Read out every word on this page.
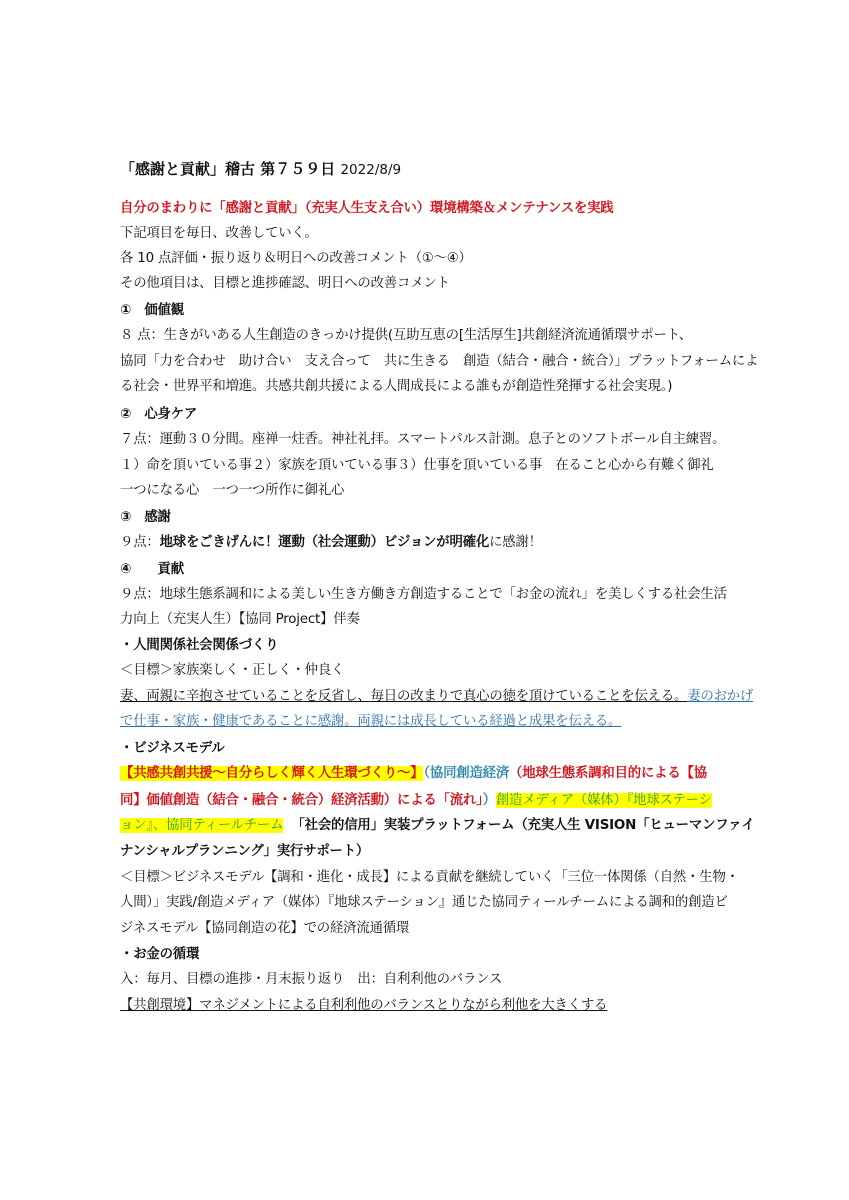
「感謝と貢献」稽古 第７５９日 2022/8/9
自分のまわりに「感謝と貢献」（充実人生支え合い）環境構築＆メンテナンスを実践
下記項目を毎日、改善していく。
各 10 点評価・振り返り＆明日への改善コメント（①～④）
その他項目は、目標と進捗確認、明日への改善コメント
①　価値観
８ 点：生きがいある人生創造のきっかけ提供(互助互恵の[生活厚生]共創経済流通循環サポート、
協同「力を合わせ　助け合い　支え合って　共に生きる　創造（結合・融合・統合）」プラットフォームによ
る社会・世界平和増進。共感共創共援による人間成長による誰もが創造性発揮する社会実現。)
②　心身ケア
７点：運動３０分間。座禅一炷香。神社礼拝。スマートパルス計測。息子とのソフトボール自主練習。
１）命を頂いている事２）家族を頂いている事３）仕事を頂いている事　在ること心から有難く御礼
一つになる心　一つ一つ所作に御礼心
③　感謝
９点：地球をごきげんに！運動（社会運動）ビジョンが明確化に感謝！
④　　貢献
９点：地球生態系調和による美しい生き方働き方創造することで「お金の流れ」を美しくする社会生活
力向上（充実人生）【協同 Project】伴奏
・人間関係社会関係づくり
＜目標＞家族楽しく・正しく・仲良く
妻、両親に辛抱させていることを反省し、毎日の改まりで真心の徳を頂けていることを伝える。妻のおかげ
で仕事・家族・健康であることに感謝。両親には成長している経過と成果を伝える。
・ビジネスモデル
【共感共創共援～自分らしく輝く人生環づくり～】（協同創造経済（地球生態系調和目的による【協
同】価値創造（結合・融合・統合）経済活動）による「流れ」）創造メディア（媒体）『地球ステーシ
ョン』、協同ティールチーム 「社会的信用」実装プラットフォーム（充実人生 VISION「ヒューマンファイ
ナンシャルプランニング」実行サポート）
＜目標＞ビジネスモデル【調和・進化・成長】による貢献を継続していく「三位一体関係（自然・生物・
人間）」実践/創造メディア（媒体）『地球ステーション』通じた協同ティールチームによる調和的創造ビ
ジネスモデル【協同創造の花】での経済流通循環
・お金の循環
入：毎月、目標の進捗・月末振り返り　出：自利利他のバランス
【共創環境】マネジメントによる自利利他のバランスとりながら利他を大きくする
